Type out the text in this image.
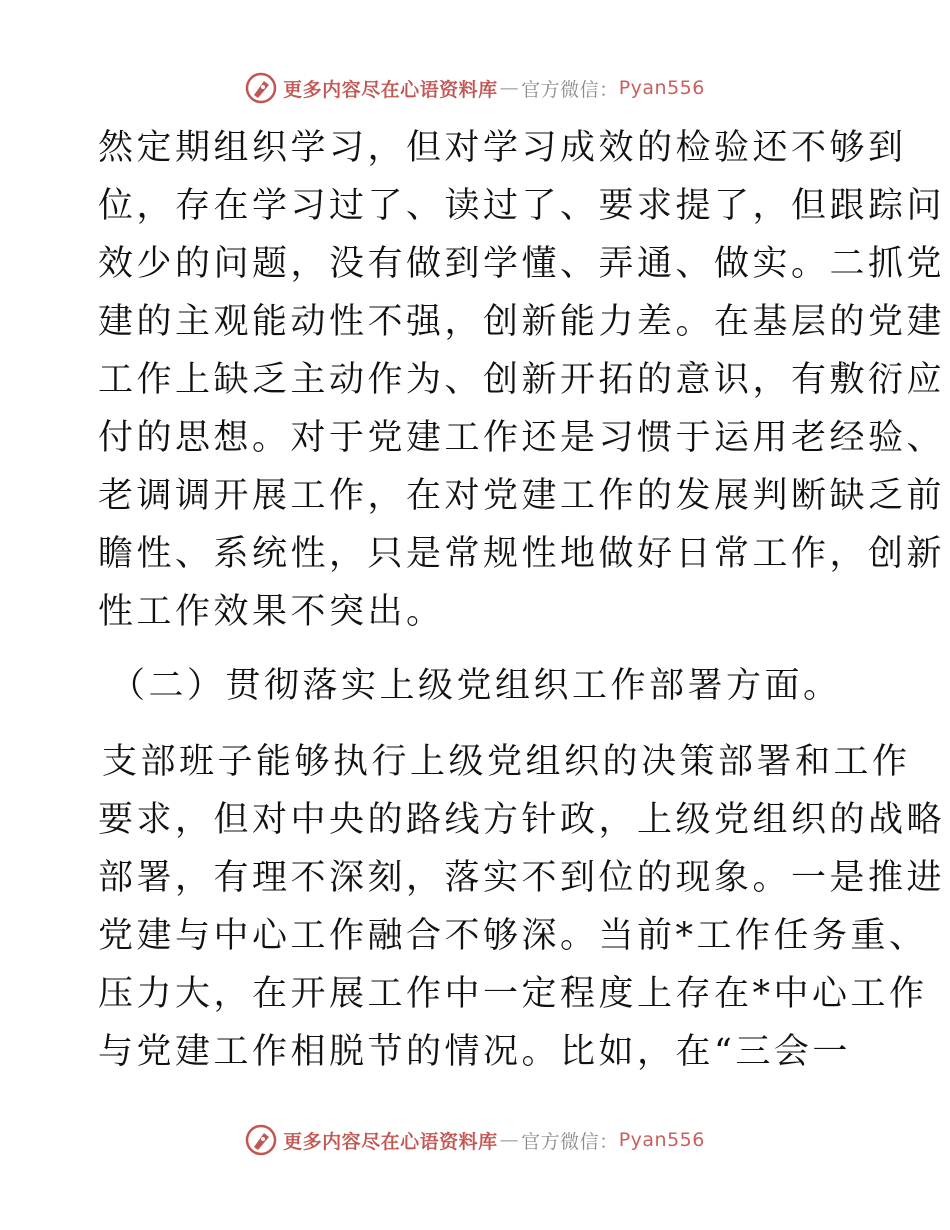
更多内容尽在心语资料库 — 官方微信： Pyan556
然定期组织学习，但对学习成效的检验还不够到
位，存在学习过了、读过了、要求提了，但跟踪问
效少的问题，没有做到学懂、弄通、做实。二抓党
建的主观能动性不强，创新能力差。在基层的党建
工作上缺乏主动作为、创新开拓的意识，有敷衍应
付的思想。对于党建工作还是习惯于运用老经验、
老调调开展工作，在对党建工作的发展判断缺乏前
瞻性、系统性，只是常规性地做好日常工作，创新
性工作效果不突出。
（二）贯彻落实上级党组织工作部署方面。
支部班子能够执行上级党组织的决策部署和工作
要求，但对中央的路线方针政，上级党组织的战略
部署，有理不深刻，落实不到位的现象。一是推进
党建与中心工作融合不够深。当前*工作任务重、
压力大，在开展工作中一定程度上存在*中心工作
与党建工作相脱节的情况。比如，在“三会一
更多内容尽在心语资料库 — 官方微信： Pyan556
